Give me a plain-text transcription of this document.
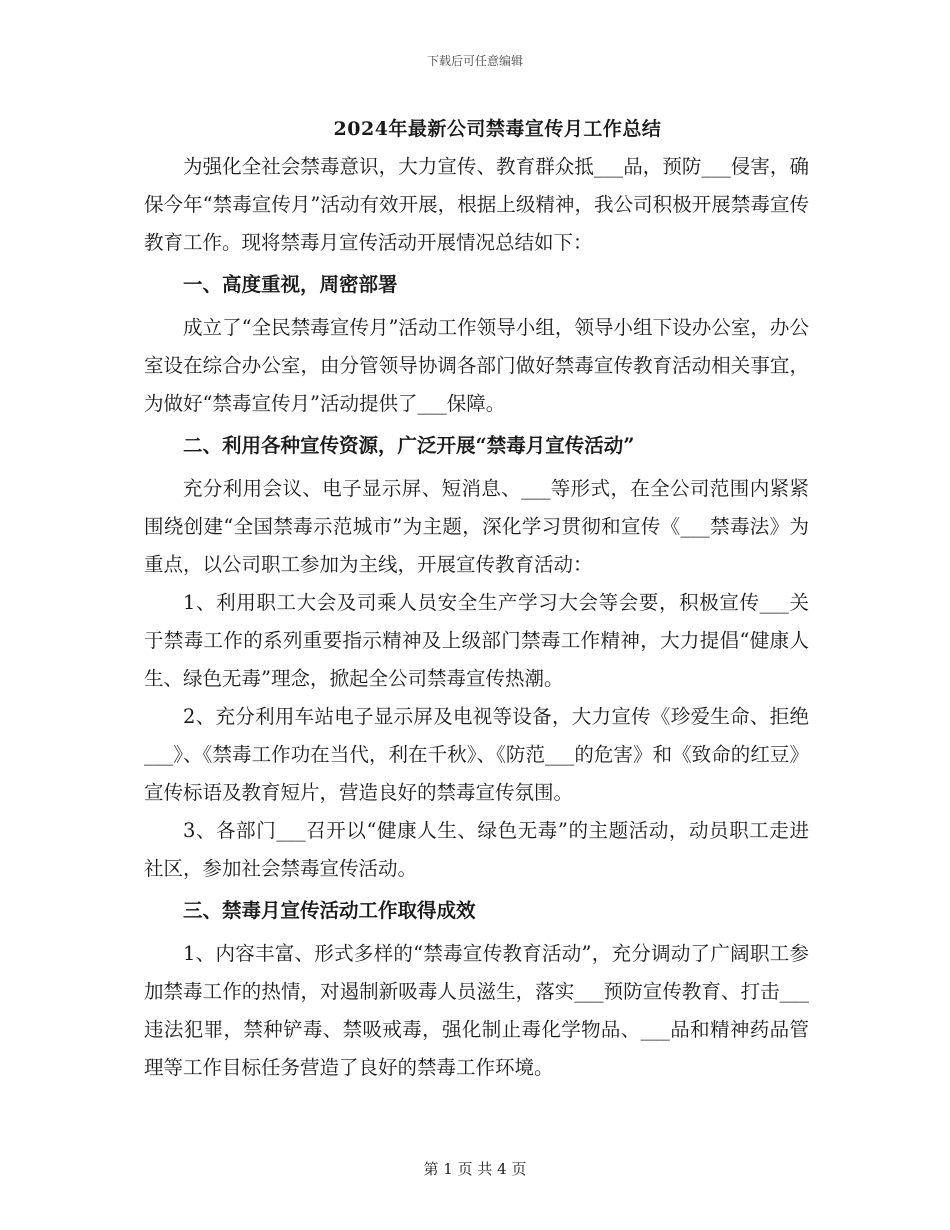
下载后可任意编辑
2024年最新公司禁毒宣传月工作总结

为强化全社会禁毒意识，大力宣传、教育群众抵___品，预防___侵害，确保今年“禁毒宣传月”活动有效开展，根据上级精神，我公司积极开展禁毒宣传教育工作。现将禁毒月宣传活动开展情况总结如下：

一、高度重视，周密部署

成立了“全民禁毒宣传月”活动工作领导小组，领导小组下设办公室，办公室设在综合办公室，由分管领导协调各部门做好禁毒宣传教育活动相关事宜，为做好“禁毒宣传月”活动提供了___保障。

二、利用各种宣传资源，广泛开展“禁毒月宣传活动”

充分利用会议、电子显示屏、短消息、___等形式，在全公司范围内紧紧围绕创建“全国禁毒示范城市”为主题，深化学习贯彻和宣传《___禁毒法》为重点，以公司职工参加为主线，开展宣传教育活动：

1、利用职工大会及司乘人员安全生产学习大会等会要，积极宣传___关于禁毒工作的系列重要指示精神及上级部门禁毒工作精神，大力提倡“健康人生、绿色无毒”理念，掀起全公司禁毒宣传热潮。

2、充分利用车站电子显示屏及电视等设备，大力宣传《珍爱生命、拒绝___》、《禁毒工作功在当代，利在千秋》、《防范___的危害》和《致命的红豆》宣传标语及教育短片，营造良好的禁毒宣传氛围。

3、各部门___召开以“健康人生、绿色无毒”的主题活动，动员职工走进社区，参加社会禁毒宣传活动。

三、禁毒月宣传活动工作取得成效

1、内容丰富、形式多样的“禁毒宣传教育活动”，充分调动了广阔职工参加禁毒工作的热情，对遏制新吸毒人员滋生，落实___预防宣传教育、打击___违法犯罪，禁种铲毒、禁吸戒毒，强化制止毒化学物品、___品和精神药品管理等工作目标任务营造了良好的禁毒工作环境。

第 1 页 共 4 页
